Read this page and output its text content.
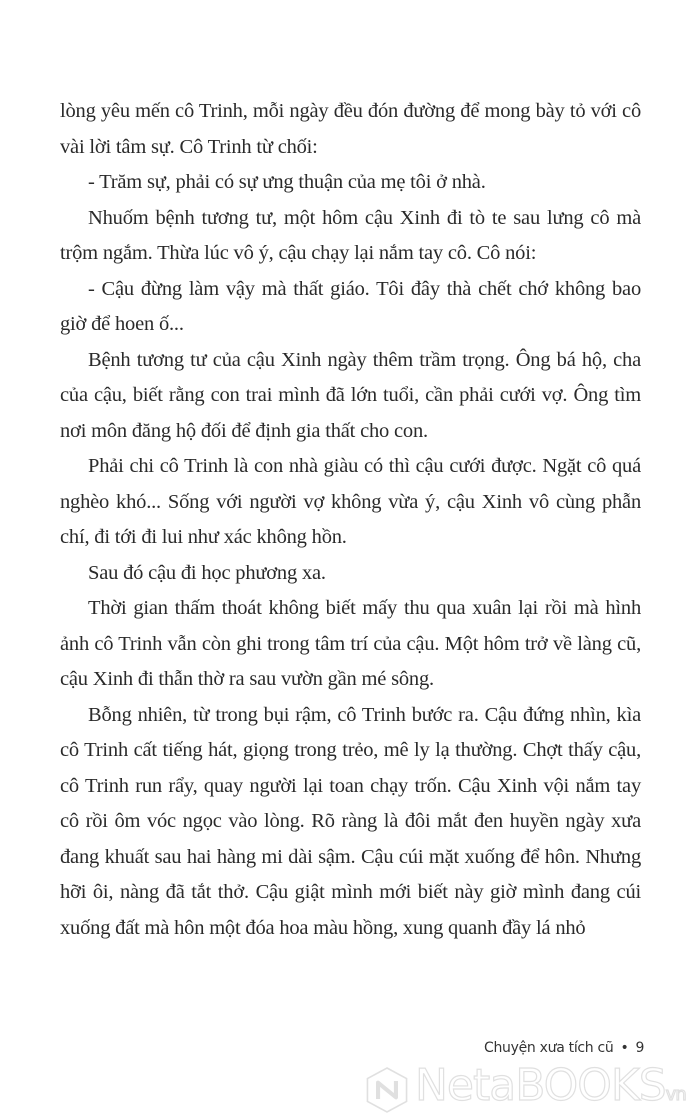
lòng yêu mến cô Trinh, mỗi ngày đều đón đường để mong bày tỏ với cô vài lời tâm sự. Cô Trinh từ chối:

- Trăm sự, phải có sự ưng thuận của mẹ tôi ở nhà.

Nhuốm bệnh tương tư, một hôm cậu Xinh đi tò te sau lưng cô mà trộm ngắm. Thừa lúc vô ý, cậu chạy lại nắm tay cô. Cô nói:

- Cậu đừng làm vậy mà thất giáo. Tôi đây thà chết chớ không bao giờ để hoen ố...

Bệnh tương tư của cậu Xinh ngày thêm trầm trọng. Ông bá hộ, cha của cậu, biết rằng con trai mình đã lớn tuổi, cần phải cưới vợ. Ông tìm nơi môn đăng hộ đối để định gia thất cho con.

Phải chi cô Trinh là con nhà giàu có thì cậu cưới được. Ngặt cô quá nghèo khó... Sống với người vợ không vừa ý, cậu Xinh vô cùng phẫn chí, đi tới đi lui như xác không hồn.

Sau đó cậu đi học phương xa.

Thời gian thấm thoát không biết mấy thu qua xuân lại rồi mà hình ảnh cô Trinh vẫn còn ghi trong tâm trí của cậu. Một hôm trở về làng cũ, cậu Xinh đi thẫn thờ ra sau vườn gần mé sông.

Bỗng nhiên, từ trong bụi rậm, cô Trinh bước ra. Cậu đứng nhìn, kìa cô Trinh cất tiếng hát, giọng trong trẻo, mê ly lạ thường. Chợt thấy cậu, cô Trinh run rẩy, quay người lại toan chạy trốn. Cậu Xinh vội nắm tay cô rồi ôm vóc ngọc vào lòng. Rõ ràng là đôi mắt đen huyền ngày xưa đang khuất sau hai hàng mi dài sậm. Cậu cúi mặt xuống để hôn. Nhưng hỡi ôi, nàng đã tắt thở. Cậu giật mình mới biết này giờ mình đang cúi xuống đất mà hôn một đóa hoa màu hồng, xung quanh đầy lá nhỏ

Chuyện xưa tích cũ • 9
NetaBOOKSvn
